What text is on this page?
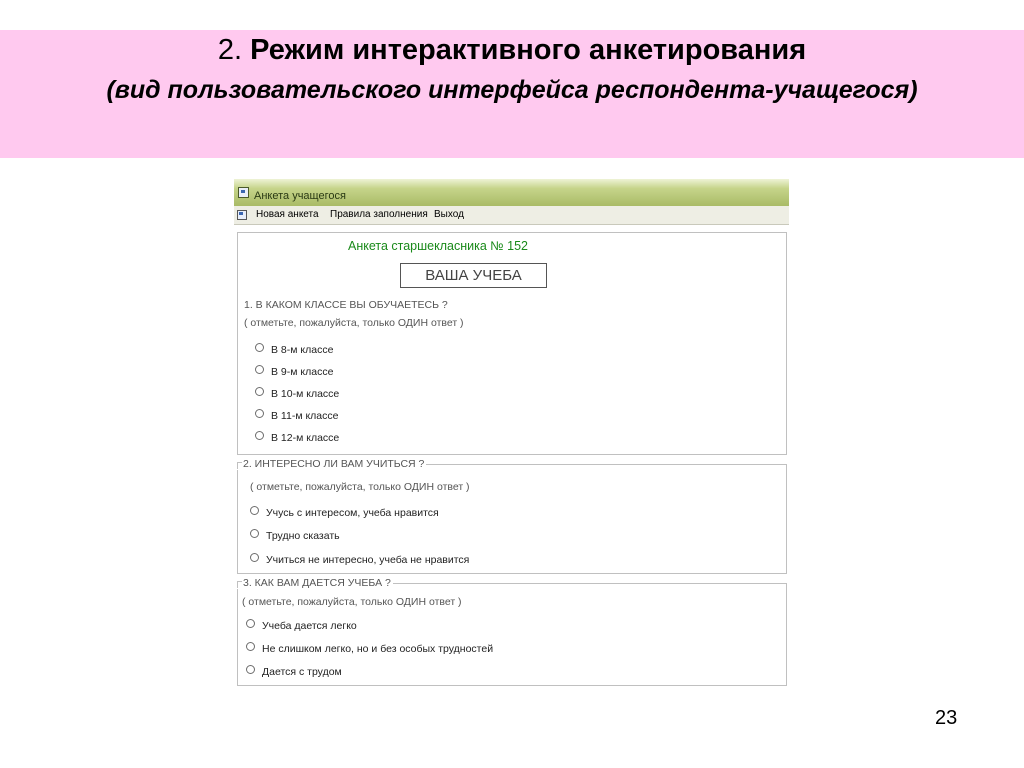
2. Режим интерактивного анкетирования
(вид пользовательского интерфейса респондента-учащегося)
Анкета учащегося
Новая анкета Правила заполнения Выход
Анкета старшекласника № 152
ВАША УЧЕБА
1. В КАКОМ КЛАССЕ ВЫ ОБУЧАЕТЕСЬ ?
( отметьте, пожалуйста, только ОДИН ответ )
В 8-м классе
В 9-м классе
В 10-м классе
В 11-м классе
В 12-м классе
2. ИНТЕРЕСНО ЛИ ВАМ УЧИТЬСЯ ?
( отметьте, пожалуйста, только ОДИН ответ )
Учусь с интересом, учеба нравится
Трудно сказать
Учиться не интересно, учеба не нравится
3. КАК ВАМ ДАЕТСЯ УЧЕБА ?
( отметьте, пожалуйста, только ОДИН ответ )
Учеба дается легко
Не слишком легко, но и без особых трудностей
Дается с трудом
23
